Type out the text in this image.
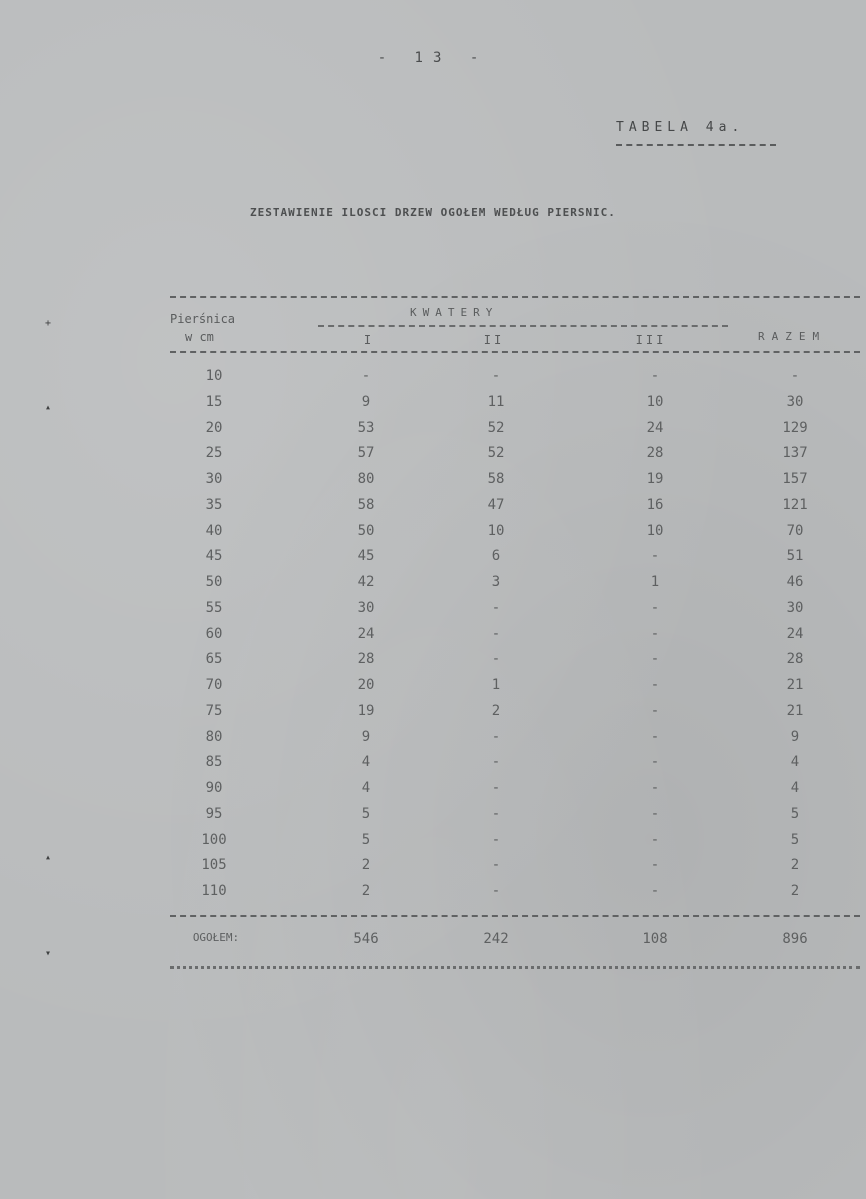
- 13 -
TABELA 4a.
ZESTAWIENIE ILOSCI DRZEW OGOŁEM WEDŁUG PIERSNIC.
+
▴
▴
▾
Pierśnica
w cm
KWATERY
I	II	III	RAZEM
10	-	-	-	-
15	9	11	10	30
20	53	52	24	129
25	57	52	28	137
30	80	58	19	157
35	58	47	16	121
40	50	10	10	70
45	45	6	-	51
50	42	3	1	46
55	30	-	-	30
60	24	-	-	24
65	28	-	-	28
70	20	1	-	21
75	19	2	-	21
80	9	-	-	9
85	4	-	-	4
90	4	-	-	4
95	5	-	-	5
100	5	-	-	5
105	2	-	-	2
110	2	-	-	2
OGOŁEM:	546	242	108	896
